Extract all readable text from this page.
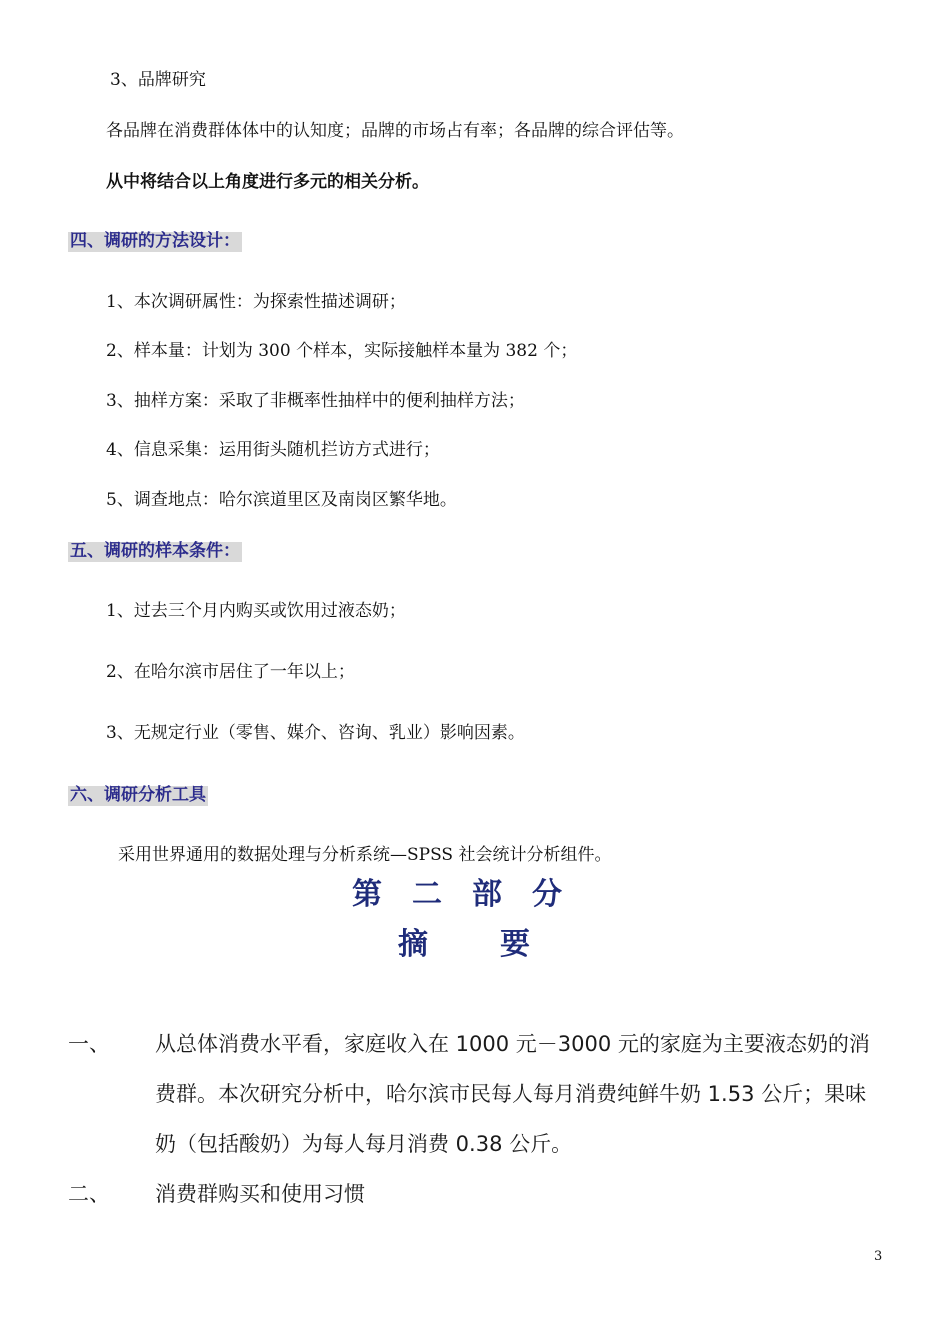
3、品牌研究
各品牌在消费群体体中的认知度；品牌的市场占有率；各品牌的综合评估等。
从中将结合以上角度进行多元的相关分析。
四、调研的方法设计：
1、本次调研属性：为探索性描述调研；
2、样本量：计划为 300 个样本，实际接触样本量为 382 个；
3、抽样方案：采取了非概率性抽样中的便利抽样方法；
4、信息采集：运用街头随机拦访方式进行；
5、调查地点：哈尔滨道里区及南岗区繁华地。
五、调研的样本条件：
1、过去三个月内购买或饮用过液态奶；
2、在哈尔滨市居住了一年以上；
3、无规定行业（零售、媒介、咨询、乳业）影响因素。
六、调研分析工具
采用世界通用的数据处理与分析系统—SPSS 社会统计分析组件。
第二部分
摘要
一、 从总体消费水平看，家庭收入在 1000 元－3000 元的家庭为主要液态奶的消
费群。本次研究分析中，哈尔滨市民每人每月消费纯鲜牛奶 1.53 公斤；果味
奶（包括酸奶）为每人每月消费 0.38 公斤。
二、 消费群购买和使用习惯
3
